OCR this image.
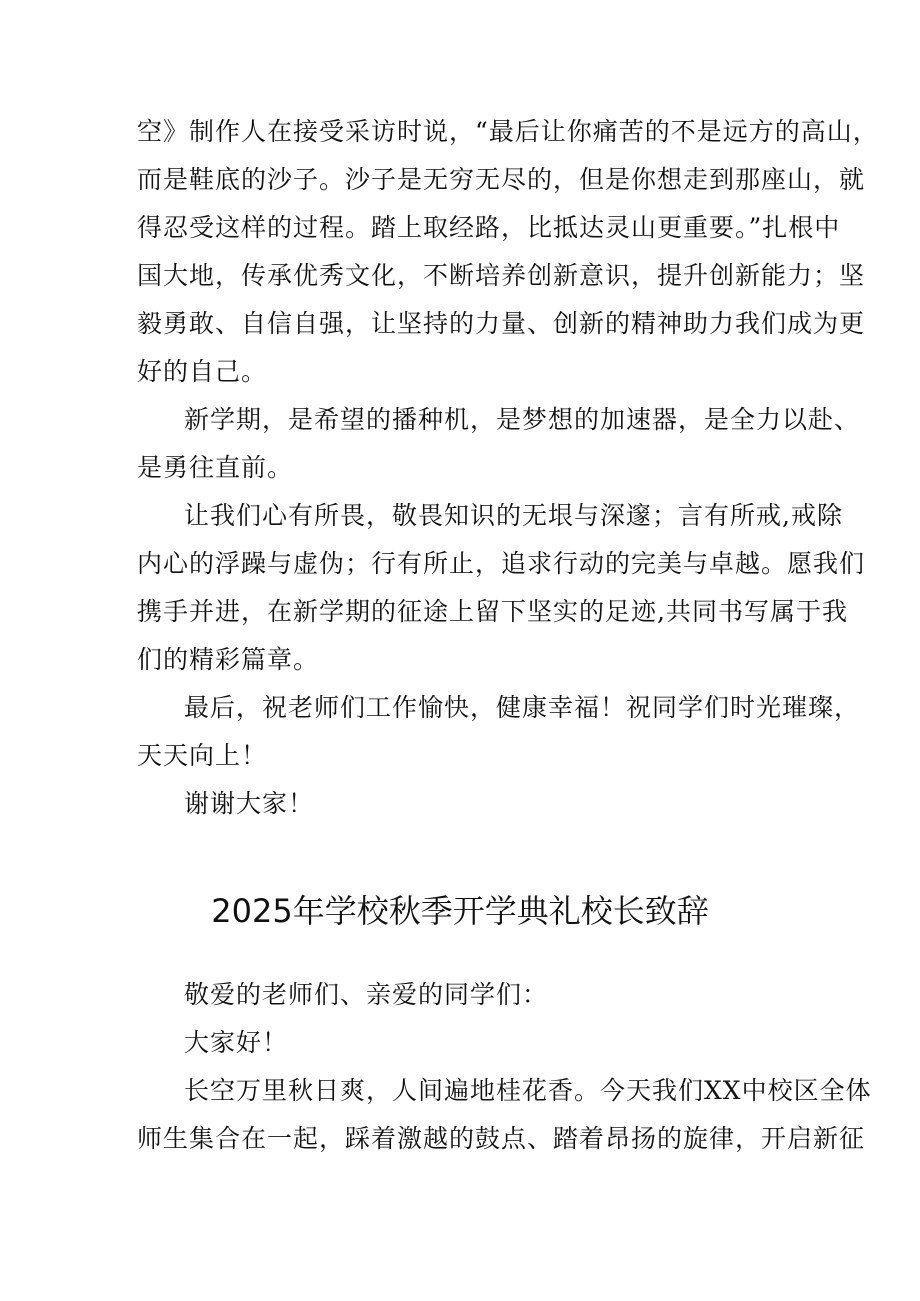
空》制作人在接受采访时说，“最后让你痛苦的不是远方的高山，
而是鞋底的沙子。沙子是无穷无尽的，但是你想走到那座山，就
得忍受这样的过程。踏上取经路，比抵达灵山更重要。”扎根中
国大地，传承优秀文化，不断培养创新意识，提升创新能力；坚
毅勇敢、自信自强，让坚持的力量、创新的精神助力我们成为更
好的自己。
新学期，是希望的播种机，是梦想的加速器，是全力以赴、
是勇往直前。
让我们心有所畏，敬畏知识的无垠与深邃；言有所戒,戒除
内心的浮躁与虚伪；行有所止，追求行动的完美与卓越。愿我们
携手并进，在新学期的征途上留下坚实的足迹,共同书写属于我
们的精彩篇章。
最后，祝老师们工作愉快，健康幸福！祝同学们时光璀璨，
天天向上！
谢谢大家！
2025年学校秋季开学典礼校长致辞
敬爱的老师们、亲爱的同学们：
大家好！
长空万里秋日爽，人间遍地桂花香。今天我们XX中校区全体
师生集合在一起，踩着激越的鼓点、踏着昂扬的旋律，开启新征
